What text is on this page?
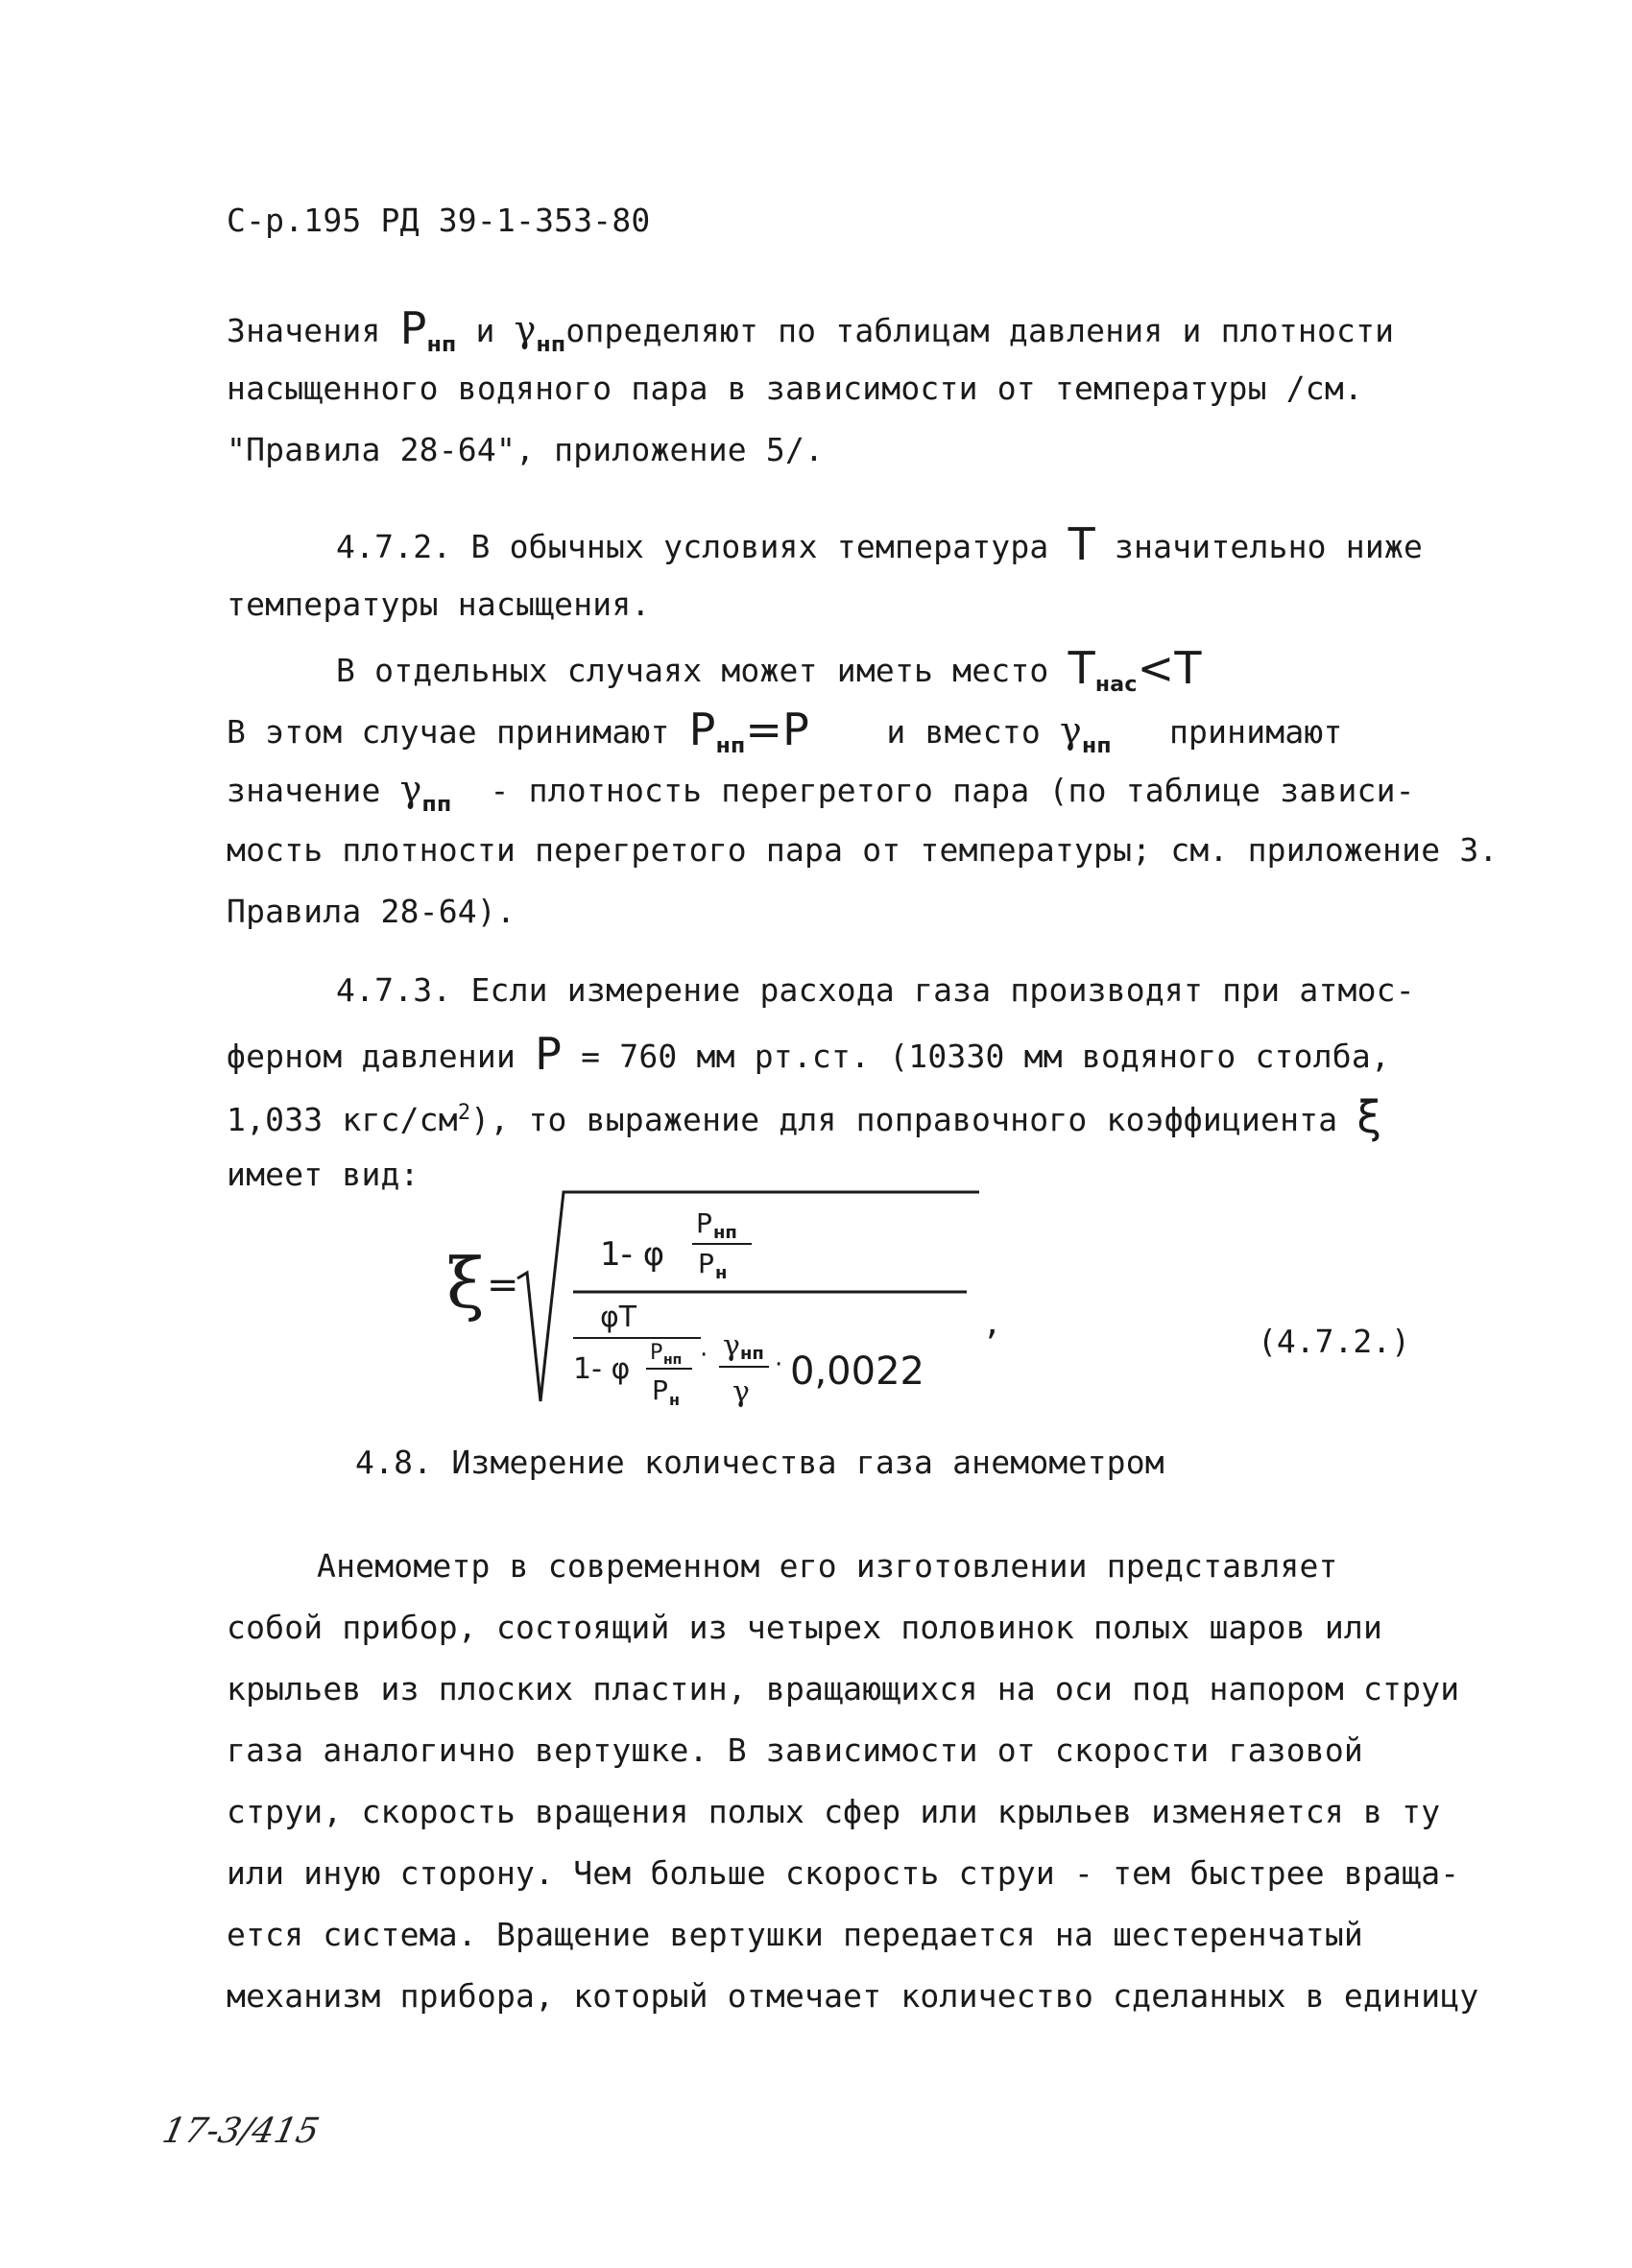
С-р.195 РД 39-1-353-80
Значения $P_{нп}$ и $\gamma_{нп}определяют$ по таблицам давления и плотности
насыщенного водяного пара в зависимости от температуры /см.
"Правила 28-64", приложение 5/.
4.7.2. В обычных условиях температура T значительно ниже
температуры насыщения.
В отдельных случаях может иметь место $T_{нас}<T$
В этом случае принимают $P_{нп}=P$ и вместо $\gamma_{нп}$ принимают
значение $\gamma_{пп}$ - плотность перегретого пара (по таблице зависи-
мость плотности перегретого пара от температуры; см. приложение 3.
Правила 28-64).
4.7.3. Если измерение расхода газа производят при атмос-
ферном давлении P = 760 мм рт.ст. (10330 мм водяного столба,
1,033 кгс/$см^2$), то выражение для поправочного коэффициента ξ
имеет вид:
ξ =
1- φ
P нп
P н
φT
1- φ P нп
P н
· γ нп
γ
· 0,0022
,	(4.7.2.)
4.8. Измерение количества газа анемометром
Анемометр в современном его изготовлении представляет
собой прибор, состоящий из четырех половинок полых шаров или
крыльев из плоских пластин, вращающихся на оси под напором струи
газа аналогично вертушке. В зависимости от скорости газовой
струи, скорость вращения полых сфер или крыльев изменяется в ту
или иную сторону. Чем больше скорость струи - тем быстрее враща-
ется система. Вращение вертушки передается на шестеренчатый
механизм прибора, который отмечает количество сделанных в единицу
17-3/415
